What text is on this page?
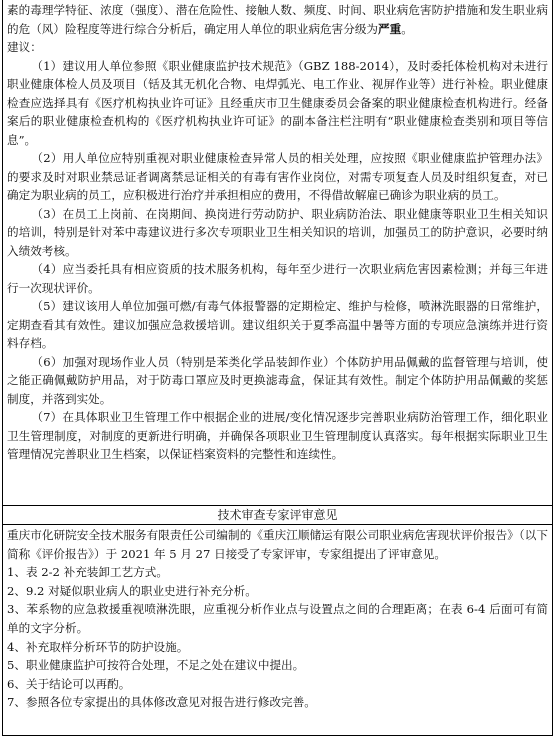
素的毒理学特征、浓度（强度）、潜在危险性、接触人数、频度、时间、职业病危害防护措施和发生职业病的危（风）险程度等进行综合分析后，确定用人单位的职业病危害分级为严重。

建议：

（1）建议用人单位参照《职业健康监护技术规范》（GBZ 188-2014），及时委托体检机构对未进行职业健康体检人员及项目（铦及其无机化合物、电焊弧光、电工作业、视屏作业等）进行补检。职业健康检查应选择具有《医疗机构执业许可证》且经重庆市卫生健康委员会备案的职业健康检查机构进行。经备案后的职业健康检查机构的《医疗机构执业许可证》的副本备注栏注明有“职业健康检查类别和项目等信息”。

（2）用人单位应特别重视对职业健康检查异常人员的相关处理，应按照《职业健康监护管理办法》的要求及时对职业禁忌证者调离禁忌证相关的有毒有害作业岗位，对需专项复查人员及时组织复查，对已确定为职业病的员工，应积极进行治疗并承担相应的费用，不得借故解雇已确诊为职业病的员工。

（3）在员工上岗前、在岗期间、换岗进行劳动防护、职业病防治法、职业健康等职业卫生相关知识的培训，特别是针对苯中毒建议进行多次专项职业卫生相关知识的培训，加强员工的防护意识，必要时纳入绩效考核。

（4）应当委托具有相应资质的技术服务机构，每年至少进行一次职业病危害因素检测；并每三年进行一次现状评价。

（5）建议该用人单位加强可燃/有毒气体报警器的定期检定、维护与检修，喷淋洗眼器的日常维护，定期查看其有效性。建议加强应急救援培训。建议组织关于夏季高温中暑等方面的专项应急演练并进行资料存档。

（6）加强对现场作业人员（特别是苯类化学品装卸作业）个体防护用品佩戴的监督管理与培训，使之能正确佩戴防护用品，对于防毒口罩应及时更换滤毒盒，保证其有效性。制定个体防护用品佩戴的奖惩制度，并落到实处。

（7）在具体职业卫生管理工作中根据企业的进展/变化情况逐步完善职业病防治管理工作，细化职业卫生管理制度，对制度的更新进行明确，并确保各项职业卫生管理制度认真落实。每年根据实际职业卫生管理情况完善职业卫生档案，以保证档案资料的完整性和连续性。

技术审查专家评审意见

重庆市化研院安全技术服务有限责任公司编制的《重庆江顺储运有限公司职业病危害现状评价报告》（以下简称《评价报告》）于 2021 年 5 月 27 日接受了专家评审，专家组提出了评审意见。

1、表 2-2 补充装卸工艺方式。

2、9.2 对疑似职业病人的职业史进行补充分析。

3、苯系物的应急救援重视喷淋洗眼，应重视分析作业点与设置点之间的合理距离；在表 6-4 后面可有简单的文字分析。

4、补充取样分析环节的防护设施。

5、职业健康监护可按符合处理，不足之处在建议中提出。

6、关于结论可以再酌。

7、参照各位专家提出的具体修改意见对报告进行修改完善。
